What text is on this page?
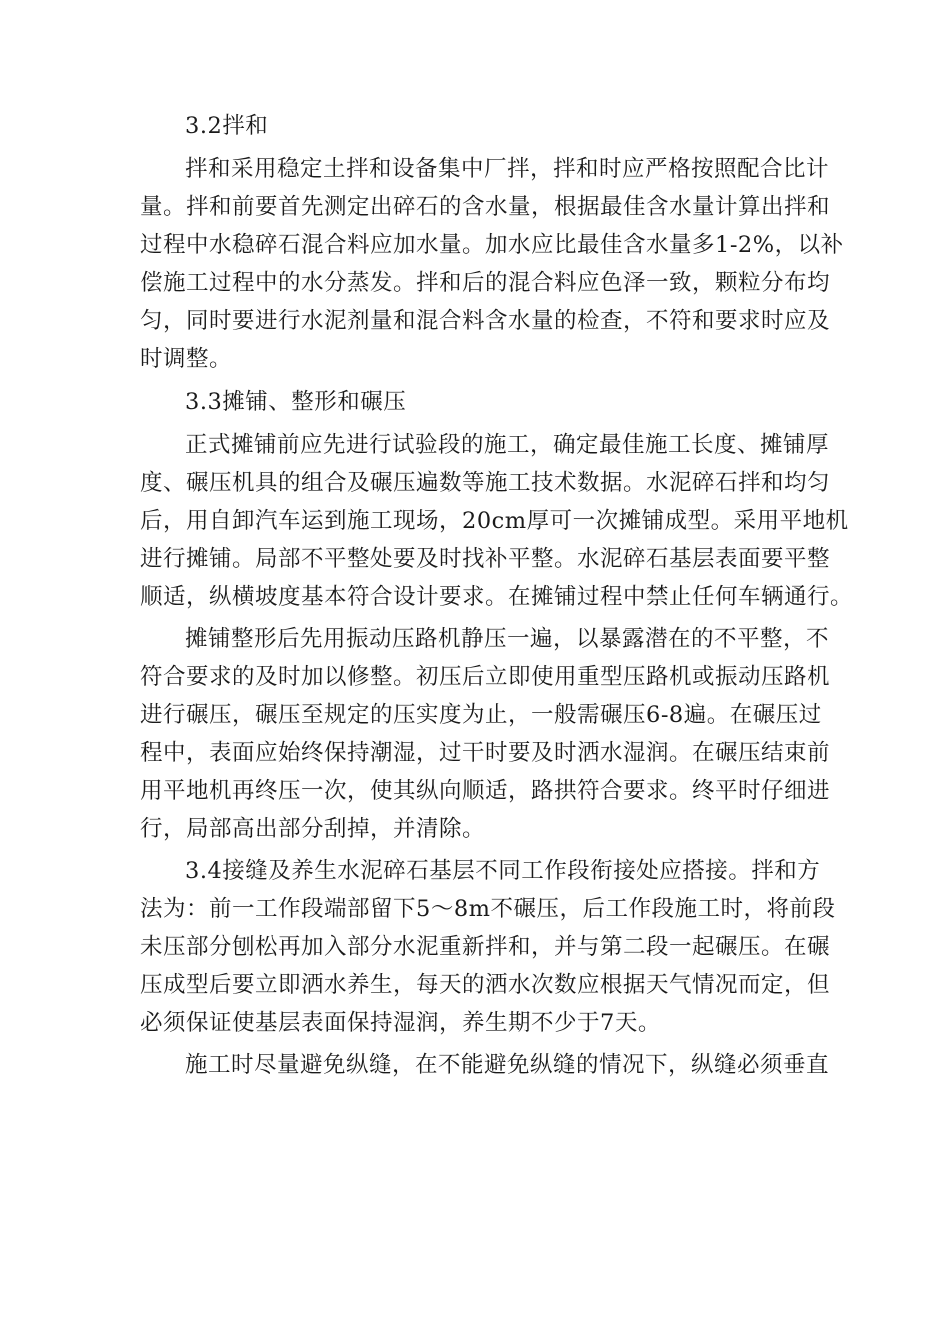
3.2拌和
拌和采用稳定土拌和设备集中厂拌，拌和时应严格按照配合比计
量。拌和前要首先测定出碎石的含水量，根据最佳含水量计算出拌和
过程中水稳碎石混合料应加水量。加水应比最佳含水量多1-2%，以补
偿施工过程中的水分蒸发。拌和后的混合料应色泽一致，颗粒分布均
匀，同时要进行水泥剂量和混合料含水量的检查，不符和要求时应及
时调整。
3.3摊铺、整形和碾压
正式摊铺前应先进行试验段的施工，确定最佳施工长度、摊铺厚
度、碾压机具的组合及碾压遍数等施工技术数据。水泥碎石拌和均匀
后，用自卸汽车运到施工现场，20cm厚可一次摊铺成型。采用平地机
进行摊铺。局部不平整处要及时找补平整。水泥碎石基层表面要平整
顺适，纵横坡度基本符合设计要求。在摊铺过程中禁止任何车辆通行。
摊铺整形后先用振动压路机静压一遍，以暴露潜在的不平整，不
符合要求的及时加以修整。初压后立即使用重型压路机或振动压路机
进行碾压，碾压至规定的压实度为止，一般需碾压6-8遍。在碾压过
程中，表面应始终保持潮湿，过干时要及时洒水湿润。在碾压结束前
用平地机再终压一次，使其纵向顺适，路拱符合要求。终平时仔细进
行，局部高出部分刮掉，并清除。
3.4接缝及养生水泥碎石基层不同工作段衔接处应搭接。拌和方
法为：前一工作段端部留下5〜8m不碾压，后工作段施工时，将前段
未压部分刨松再加入部分水泥重新拌和，并与第二段一起碾压。在碾
压成型后要立即洒水养生，每天的洒水次数应根据天气情况而定，但
必须保证使基层表面保持湿润，养生期不少于7天。
施工时尽量避免纵缝，在不能避免纵缝的情况下，纵缝必须垂直
